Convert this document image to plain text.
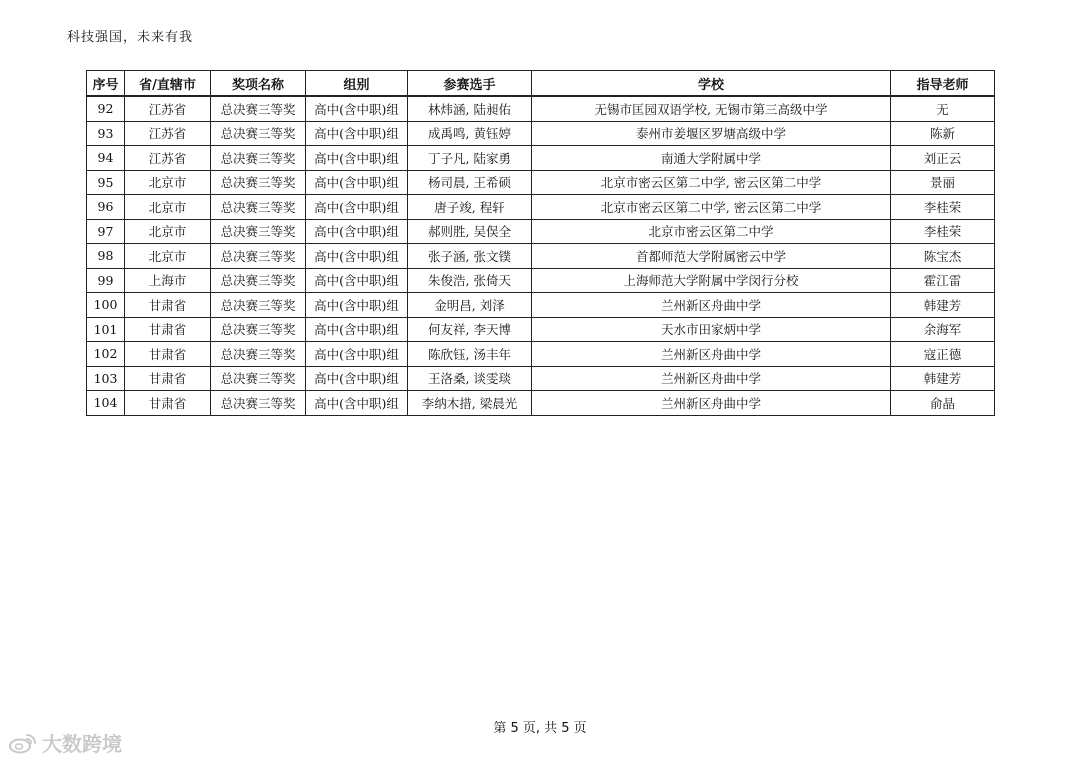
科技强国，未来有我
序号	省/直辖市	奖项名称	组别	参赛选手	学校	指导老师
92	江苏省	总决赛三等奖	高中(含中职)组	林炜涵, 陆昶佑	无锡市匡园双语学校, 无锡市第三高级中学	无
93	江苏省	总决赛三等奖	高中(含中职)组	成禹鸣, 黄钰婷	泰州市姜堰区罗塘高级中学	陈新
94	江苏省	总决赛三等奖	高中(含中职)组	丁子凡, 陆家勇	南通大学附属中学	刘正云
95	北京市	总决赛三等奖	高中(含中职)组	杨司晨, 王希硕	北京市密云区第二中学, 密云区第二中学	景丽
96	北京市	总决赛三等奖	高中(含中职)组	唐子竣, 程轩	北京市密云区第二中学, 密云区第二中学	李桂荣
97	北京市	总决赛三等奖	高中(含中职)组	郝则胜, 吴俣全	北京市密云区第二中学	李桂荣
98	北京市	总决赛三等奖	高中(含中职)组	张子涵, 张文镤	首都师范大学附属密云中学	陈宝杰
99	上海市	总决赛三等奖	高中(含中职)组	朱俊浩, 张倚天	上海师范大学附属中学闵行分校	霍江雷
100	甘肃省	总决赛三等奖	高中(含中职)组	金明昌, 刘泽	兰州新区舟曲中学	韩建芳
101	甘肃省	总决赛三等奖	高中(含中职)组	何友祥, 李天博	天水市田家炳中学	余海军
102	甘肃省	总决赛三等奖	高中(含中职)组	陈欣钰, 汤丰年	兰州新区舟曲中学	寇正德
103	甘肃省	总决赛三等奖	高中(含中职)组	王洛桑, 谈雯琰	兰州新区舟曲中学	韩建芳
104	甘肃省	总决赛三等奖	高中(含中职)组	李纳木措, 梁晨光	兰州新区舟曲中学	俞晶
第 5 页, 共 5 页
大数跨境
